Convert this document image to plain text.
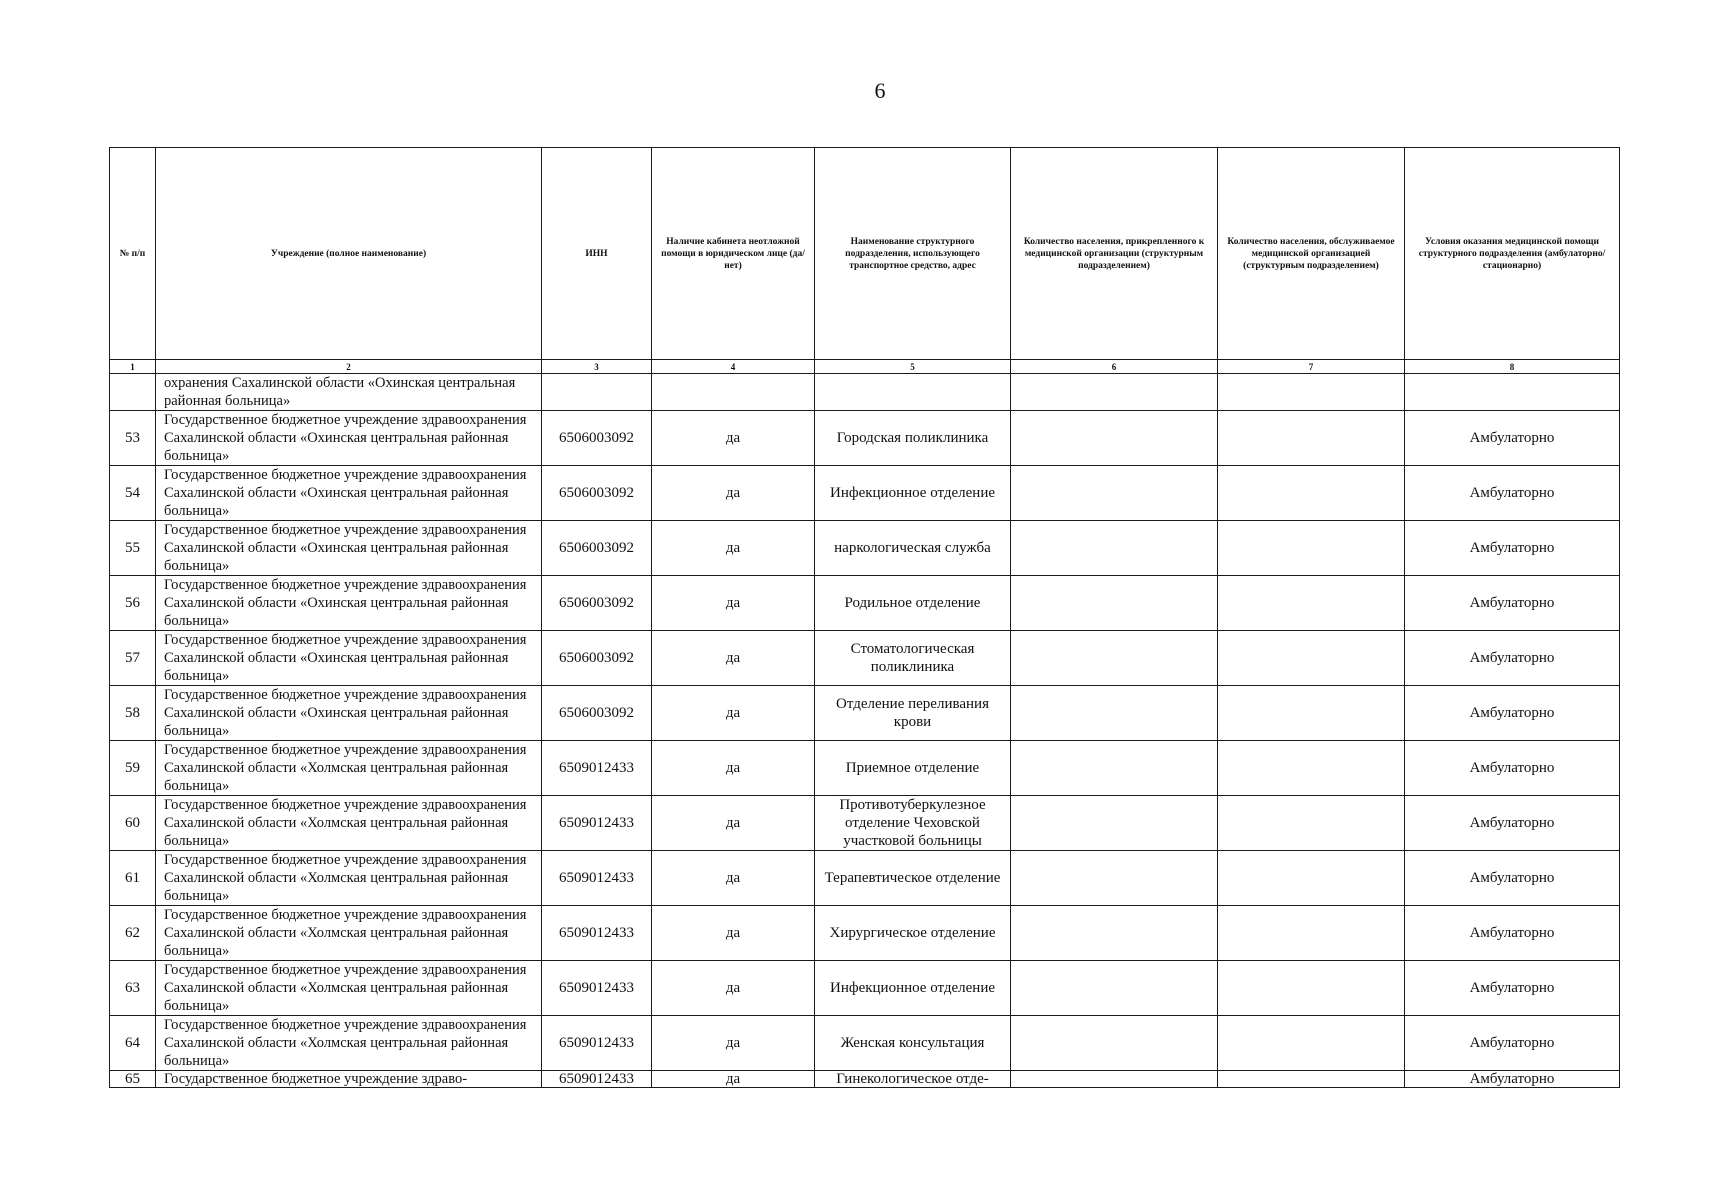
6
№ п/п	Учреждение (полное наименование)	ИНН	Наличие кабинета неотложной помощи в юридическом лице (да/нет)	Наименование структурного подразделения, использующего транспортное средство, адрес	Количество населения, прикрепленного к медицинской организации (структурным подразделением)	Количество населения, обслуживаемое медицинской организацией (структурным подразделением)	Условия оказания медицинской помощи структурного подразделения (амбулаторно/ стационарно)
1	2	3	4	5	6	7	8
	охранения Сахалинской области «Охинская центральная районная больница»						
53	Государственное бюджетное учреждение здравоохранения Сахалинской области «Охинская центральная районная больница»	6506003092	да	Городская поликлиника			Амбулаторно
54	Государственное бюджетное учреждение здравоохранения Сахалинской области «Охинская центральная районная больница»	6506003092	да	Инфекционное отделение			Амбулаторно
55	Государственное бюджетное учреждение здравоохранения Сахалинской области «Охинская центральная районная больница»	6506003092	да	наркологическая служба			Амбулаторно
56	Государственное бюджетное учреждение здравоохранения Сахалинской области «Охинская центральная районная больница»	6506003092	да	Родильное отделение			Амбулаторно
57	Государственное бюджетное учреждение здравоохранения Сахалинской области «Охинская центральная районная больница»	6506003092	да	Стоматологическая поликлиника			Амбулаторно
58	Государственное бюджетное учреждение здравоохранения Сахалинской области «Охинская центральная районная больница»	6506003092	да	Отделение переливания крови			Амбулаторно
59	Государственное бюджетное учреждение здравоохранения Сахалинской области «Холмская центральная районная больница»	6509012433	да	Приемное отделение			Амбулаторно
60	Государственное бюджетное учреждение здравоохранения Сахалинской области «Холмская центральная районная больница»	6509012433	да	Противотуберкулезное отделение Чеховской участковой больницы			Амбулаторно
61	Государственное бюджетное учреждение здравоохранения Сахалинской области «Холмская центральная районная больница»	6509012433	да	Терапевтическое отделение			Амбулаторно
62	Государственное бюджетное учреждение здравоохранения Сахалинской области «Холмская центральная районная больница»	6509012433	да	Хирургическое отделение			Амбулаторно
63	Государственное бюджетное учреждение здравоохранения Сахалинской области «Холмская центральная районная больница»	6509012433	да	Инфекционное отделение			Амбулаторно
64	Государственное бюджетное учреждение здравоохранения Сахалинской области «Холмская центральная районная больница»	6509012433	да	Женская консультация			Амбулаторно
65	Государственное бюджетное учреждение здраво-	6509012433	да	Гинекологическое отде-			Амбулаторно
